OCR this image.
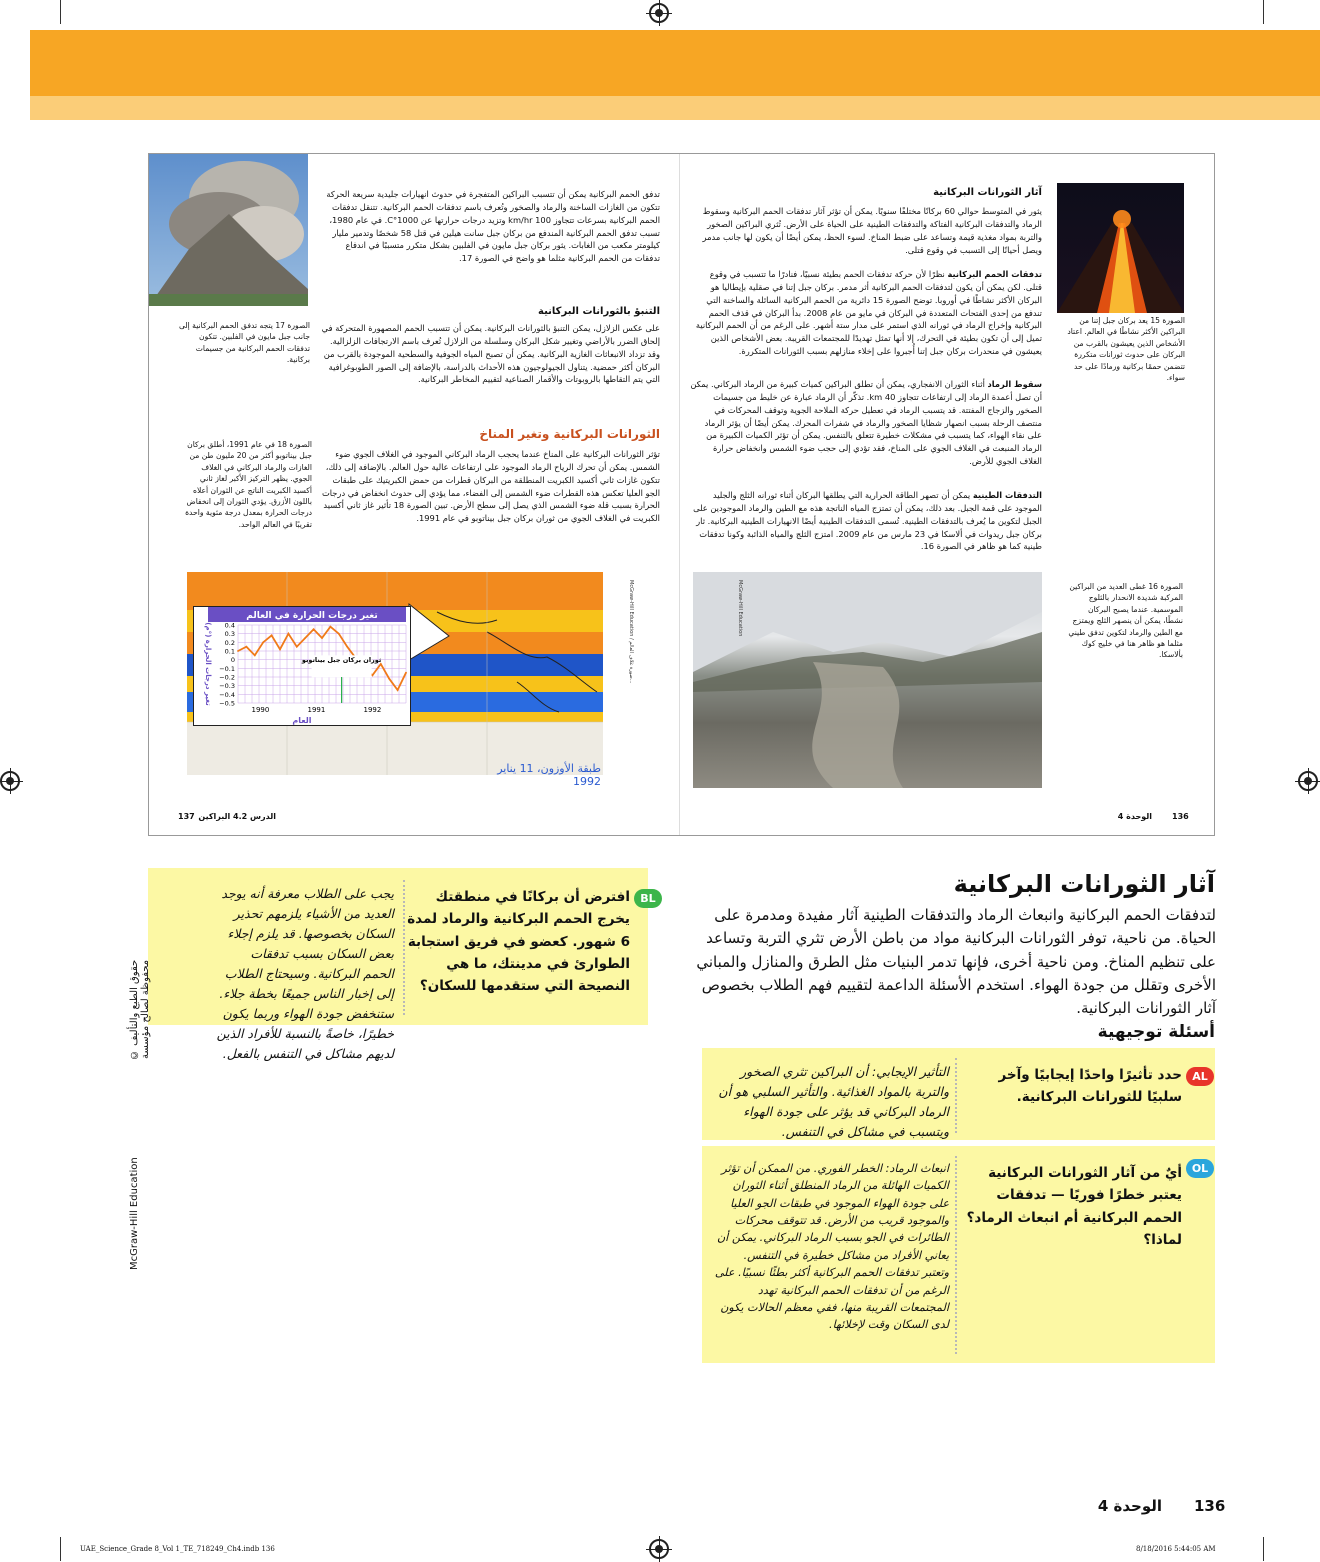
الصورة 15 يعد بركان جبل إتنا من البراكين الأكثر نشاطًا في العالم. اعتاد الأشخاص الذين يعيشون بالقرب من البركان على حدوث ثورانات متكررة تتضمن حممًا بركانية ورمادًا على حد سواء.
آثار الثورانات البركانية
يثور في المتوسط حوالي 60 بركانًا مختلفًا سنويًا. يمكن أن تؤثر آثار تدفقات الحمم البركانية وسقوط الرماد والتدفقات البركانية الفتاكة والتدفقات الطينية على الحياة على الأرض. تُثري البراكين الصخور والتربة بمواد مغذية قيمة وتساعد على ضبط المناخ. لسوء الحظ، يمكن أيضًا أن يكون لها جانب مدمر ويصل أحيانًا إلى التسبب في وقوع قتلى.
تدفقات الحمم البركانية نظرًا لأن حركة تدفقات الحمم بطيئة نسبيًا، فنادرًا ما تتسبب في وقوع قتلى. لكن يمكن أن يكون لتدفقات الحمم البركانية أثر مدمر. بركان جبل إتنا في صقلية بإيطاليا هو البركان الأكثر نشاطًا في أوروبا. توضح الصورة 15 دائرية من الحمم البركانية السائلة والساخنة التي تندفع من إحدى الفتحات المتعددة في البركان في مايو من عام 2008. بدأ البركان في قذف الحمم البركانية وإخراج الرماد في ثورانه الذي استمر على مدار ستة أشهر. على الرغم من أن الحمم البركانية تميل إلى أن تكون بطيئة في التحرك، إلا أنها تمثل تهديدًا للمجتمعات القريبة. بعض الأشخاص الذين يعيشون في منحدرات بركان جبل إتنا أُجبروا على إخلاء منازلهم بسبب الثورانات المتكررة.
سقوط الرماد أثناء الثوران الانفجاري، يمكن أن تطلق البراكين كميات كبيرة من الرماد البركاني. يمكن أن تصل أعمدة الرماد إلى ارتفاعات تتجاوز 40 km. تذكّر أن الرماد عبارة عن خليط من جسيمات الصخور والزجاج المفتتة. قد يتسبب الرماد في تعطيل حركة الملاحة الجوية وتوقف المحركات في منتصف الرحلة بسبب انصهار شظايا الصخور والرماد في شفرات المحرك. يمكن أيضًا أن يؤثر الرماد على نقاء الهواء، كما يتسبب في مشكلات خطيرة تتعلق بالتنفس. يمكن أن تؤثر الكميات الكبيرة من الرماد المنبعث في الغلاف الجوي على المناخ، فقد تؤدي إلى حجب ضوء الشمس وانخفاض حرارة الغلاف الجوي للأرض.
التدفقات الطينية يمكن أن تصهر الطاقة الحرارية التي يطلقها البركان أثناء ثورانه الثلج والجليد الموجود على قمة الجبل. بعد ذلك، يمكن أن تمتزج المياه الناتجة هذه مع الطين والرماد الموجودين على الجبل لتكوين ما يُعرف بالتدفقات الطينية. تُسمى التدفقات الطينية أيضًا الانهيارات الطينية البركانية. ثار بركان جبل ريدوات في ألاسكا في 23 مارس من عام 2009. امتزج الثلج والمياه الذائبة وكونا تدفقات طينية كما هو ظاهر في الصورة 16.
McGraw-Hill Education	الصورة 16 غطى العديد من البراكين المركبة شديدة الانحدار بالثلوج الموسمية. عندما يصبح البركان نشطًا، يمكن أن ينصهر الثلج ويمتزج مع الطين والرماد لتكوين تدفق طيني مثلما هو ظاهر هنا في خليج كوك بألاسكا.
136
الوحدة 4
الصورة 17 يتجه تدفق الحمم البركانية إلى جانب جبل مايون في الفلبين. تتكون تدفقات الحمم البركانية من جسيمات بركانية.
تدفق الحمم البركانية يمكن أن تتسبب البراكين المتفجرة في حدوث انهيارات جليدية سريعة الحركة تتكون من الغازات الساخنة والرماد والصخور وتُعرف باسم تدفقات الحمم البركانية. تتنقل تدفقات الحمم البركانية بسرعات تتجاوز 100 km/hr وتزيد درجات حرارتها عن 1000°C. في عام 1980، تسبب تدفق الحمم البركانية المندفع من بركان جبل سانت هيلين في قتل 58 شخصًا وتدمير مليار كيلومتر مكعب من الغابات. يثور بركان جبل مايون في الفلبين بشكل متكرر متسببًا في اندفاع تدفقات من الحمم البركانية مثلما هو واضح في الصورة 17.
التنبؤ بالثورانات البركانية
على عكس الزلازل، يمكن التنبؤ بالثورانات البركانية. يمكن أن تتسبب الحمم المصهورة المتحركة في إلحاق الضرر بالأراضي وتغيير شكل البركان وسلسلة من الزلازل تُعرف باسم الارتجافات الزلزالية. وقد تزداد الانبعاثات الغازية البركانية. يمكن أن تصبح المياه الجوفية والسطحية الموجودة بالقرب من البركان أكثر حمضية. يتناول الجيولوجيون هذه الأحداث بالدراسة، بالإضافة إلى الصور الطوبوغرافية التي يتم التقاطها بالروبوتات والأقمار الصناعية لتقييم المخاطر البركانية.
الثورانات البركانية وتغير المناخ
تؤثر الثورانات البركانية على المناخ عندما يحجب الرماد البركاني الموجود في الغلاف الجوي ضوء الشمس. يمكن أن تحرك الرياح الرماد الموجود على ارتفاعات عالية حول العالم. بالإضافة إلى ذلك، تتكون غازات ثاني أكسيد الكبريت المنطلقة من البركان قطرات من حمض الكبريتيك على طبقات الجو العليا تعكس هذه القطرات ضوء الشمس إلى الفضاء، مما يؤدي إلى حدوث انخفاض في درجات الحرارة بسبب قلة ضوء الشمس الذي يصل إلى سطح الأرض. تبين الصورة 18 تأثير غاز ثاني أكسيد الكبريت في الغلاف الجوي من ثوران بركان جبل بيناتوبو في عام 1991.
الصورة 18 في عام 1991، أطلق بركان جبل بيناتوبو أكثر من 20 مليون طن من الغازات والرماد البركاني في الغلاف الجوي. يظهر التركيز الأكبر لغاز ثاني أكسيد الكبريت الناتج عن الثوران أعلاه باللون الأزرق. يؤدي الثوران إلى انخفاض درجات الحرارة بمعدل درجة مئوية واحدة تقريبًا في العالم الواحد.
طبقة الأوزون، 11 يناير 1992
McGraw-Hill Education / صورة غلاف العالم...
تغير درجات الحرارة في العالم
0.4
0.3
0.2
0.1
0
−0.1
−0.2
−0.3
−0.4
−0.5
1990	1991	1992
العام
تغير درجات الحرارة (°م)	ثوران بركان جبل بيناتوبو
137 الدرس 4.2 البراكين
آثار الثورانات البركانية
لتدفقات الحمم البركانية وانبعاث الرماد والتدفقات الطينية آثار مفيدة ومدمرة على الحياة. من ناحية، توفر الثورانات البركانية مواد من باطن الأرض تثري التربة وتساعد على تنظيم المناخ. ومن ناحية أخرى، فإنها تدمر البنيات مثل الطرق والمنازل والمباني الأخرى وتقلل من جودة الهواء. استخدم الأسئلة الداعمة لتقييم فهم الطلاب بخصوص آثار الثورانات البركانية.
أسئلة توجيهية
افترض أن بركانًا في منطقتك يخرج الحمم البركانية والرماد لمدة 6 شهور. كعضو في فريق استجابة الطوارئ في مدينتك، ما هي النصيحة التي ستقدمها للسكان؟
يجب على الطلاب معرفة أنه يوجد العديد من الأشياء يلزمهم تحذير السكان بخصوصها. قد يلزم إجلاء بعض السكان بسبب تدفقات الحمم البركانية. وسيحتاج الطلاب إلى إخبار الناس جميعًا بخطة جلاء. ستنخفض جودة الهواء وربما يكون خطيرًا، خاصةً بالنسبة للأفراد الذين لديهم مشاكل في التنفس بالفعل.
BL
حدد تأثيرًا واحدًا إيجابيًا وآخر سلبيًا للثورانات البركانية.
التأثير الإيجابي: أن البراكين تثري الصخور والتربة بالمواد الغذائية. والتأثير السلبي هو أن الرماد البركاني قد يؤثر على جودة الهواء ويتسبب في مشاكل في التنفس.
AL
أيٌ من آثار الثورانات البركانية يعتبر خطرًا فوريًا — تدفقات الحمم البركانية أم انبعاث الرماد؟ لماذا؟
انبعاث الرماد: الخطر الفوري. من الممكن أن تؤثر الكميات الهائلة من الرماد المنطلق أثناء الثوران على جودة الهواء الموجود في طبقات الجو العليا والموجود قريب من الأرض. قد تتوقف محركات الطائرات في الجو بسبب الرماد البركاني. يمكن أن يعاني الأفراد من مشاكل خطيرة في التنفس. وتعتبر تدفقات الحمم البركانية أكثر بطئًا نسبيًا. على الرغم من أن تدفقات الحمم البركانية تهدد المجتمعات القريبة منها، ففي معظم الحالات يكون لدى السكان وقت لإخلائها.
OL
حقوق الطبع والتأليف © محفوظة لصالح مؤسسة
McGraw-Hill Education
136
الوحدة 4
UAE_Science_Grade 8_Vol 1_TE_718249_Ch4.indb 136	8/18/2016 5:44:05 AM
